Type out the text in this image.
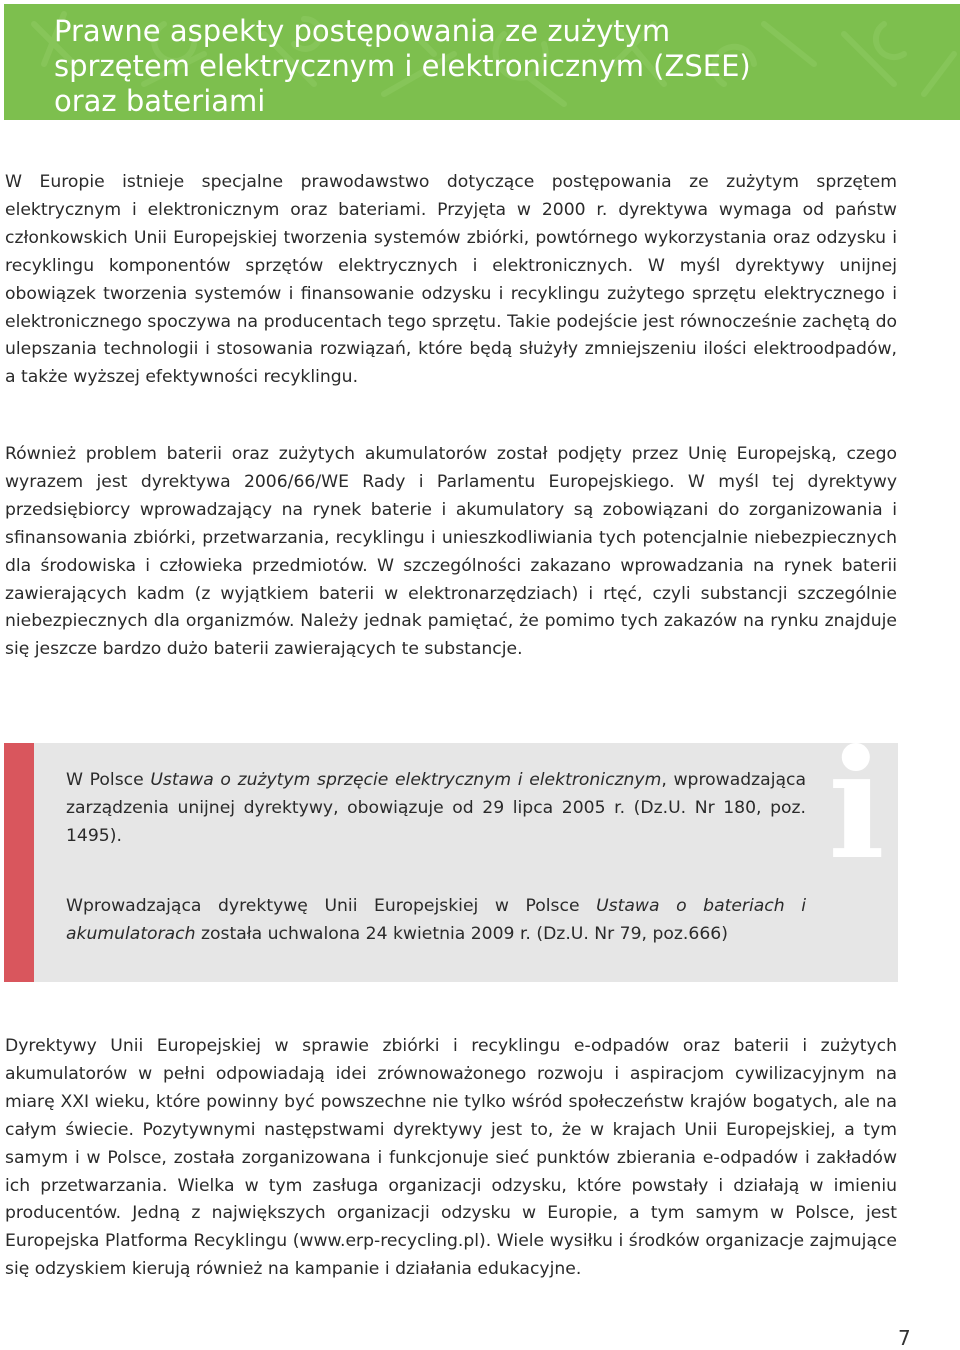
Prawne aspekty postępowania ze zużytym
sprzętem elektrycznym i elektronicznym (ZSEE)
oraz bateriami

W Europie istnieje specjalne prawodawstwo dotyczące postępowania ze zużytym sprzętem elektrycznym i elektronicznym oraz bateriami. Przyjęta w 2000 r. dyrektywa wymaga od państw członkowskich Unii Europejskiej tworzenia systemów zbiórki, powtórnego wykorzystania oraz odzysku i recyklingu komponentów sprzętów elektrycznych i elektronicznych. W myśl dyrektywy unijnej obowiązek tworzenia systemów i finansowanie odzysku i recyklingu zużytego sprzętu elektrycznego i elektronicznego spoczywa na producentach tego sprzętu. Takie podejście jest równocześnie zachętą do ulepszania technologii i stosowania rozwiązań, które będą służyły zmniejszeniu ilości elektroodpadów, a także wyższej efektywności recyklingu.

Również problem baterii oraz zużytych akumulatorów został podjęty przez Unię Europejską, czego wyrazem jest dyrektywa 2006/66/WE Rady i Parlamentu Europejskiego. W myśl tej dyrektywy przedsiębiorcy wprowadzający na rynek baterie i akumulatory są zobowiązani do zorganizowania i sfinansowania zbiórki, przetwarzania, recyklingu i unieszkodliwiania tych potencjalnie niebezpiecznych dla środowiska i człowieka przedmiotów. W szczególności zakazano wprowadzania na rynek baterii zawierających kadm (z wyjątkiem baterii w elektronarzędziach) i rtęć, czyli substancji szczególnie niebezpiecznych dla organizmów. Należy jednak pamiętać, że pomimo tych zakazów na rynku znajduje się jeszcze bardzo dużo baterii zawierających te substancje.

i

W Polsce Ustawa o zużytym sprzęcie elektrycznym i elektronicznym, wprowadzająca zarządzenia unijnej dyrektywy, obowiązuje od 29 lipca 2005 r. (Dz.U. Nr 180, poz. 1495).

Wprowadzająca dyrektywę Unii Europejskiej w Polsce Ustawa o bateriach i akumulatorach została uchwalona 24 kwietnia 2009 r. (Dz.U. Nr 79, poz.666)

Dyrektywy Unii Europejskiej w sprawie zbiórki i recyklingu e-odpadów oraz baterii i zużytych akumulatorów w pełni odpowiadają idei zrównoważonego rozwoju i aspiracjom cywilizacyjnym na miarę XXI wieku, które powinny być powszechne nie tylko wśród społeczeństw krajów bogatych, ale na całym świecie. Pozytywnymi następstwami dyrektywy jest to, że w krajach Unii Europejskiej, a tym samym i w Polsce, została zorganizowana i funkcjonuje sieć punktów zbierania e-odpadów i zakładów ich przetwarzania. Wielka w tym zasługa organizacji odzysku, które powstały i działają w imieniu producentów. Jedną z największych organizacji odzysku w Europie, a tym samym w Polsce, jest Europejska Platforma Recyklingu (www.erp-recycling.pl). Wiele wysiłku i środków organizacje zajmujące się odzyskiem kierują również na kampanie i działania edukacyjne.

7
